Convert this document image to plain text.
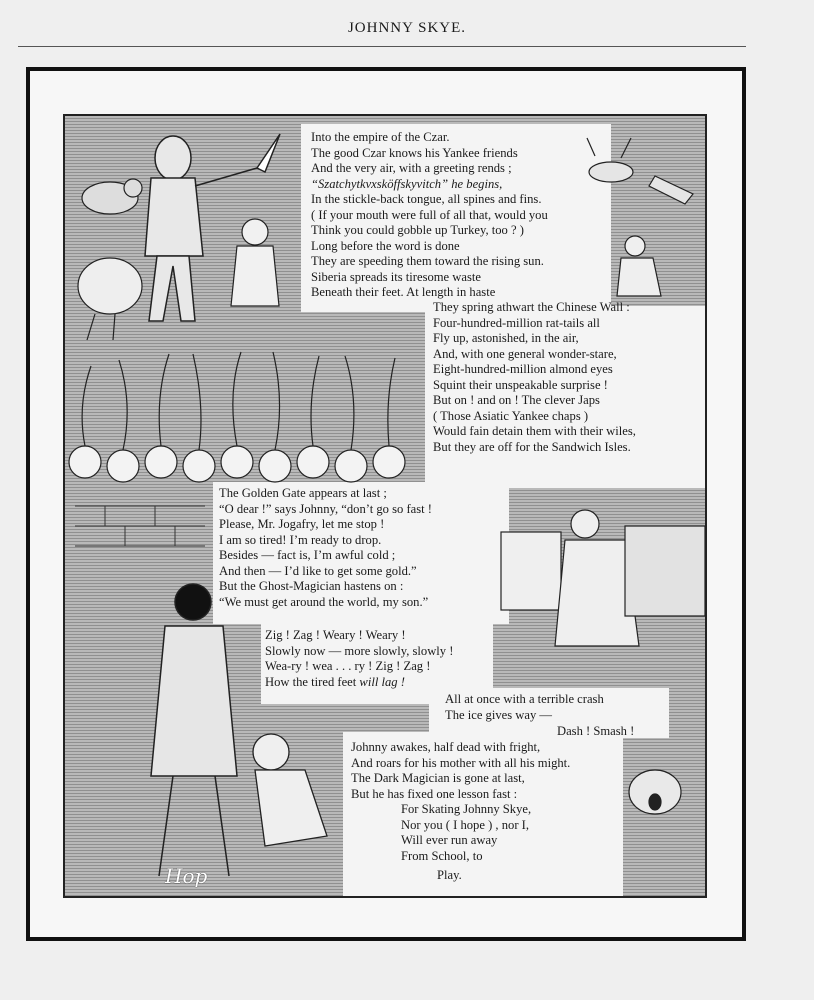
JOHNNY SKYE.
Into the empire of the Czar.
The good Czar knows his Yankee friends
And the very air, with a greeting rends ;
“Szatchytkvxsköffskyvitch” he begins,
In the stickle-back tongue, all spines and fins.
( If your mouth were full of all that, would you
Think you could gobble up Turkey, too ? )
Long before the word is done
They are speeding them toward the rising sun.
Siberia spreads its tiresome waste
Beneath their feet. At length in haste
They spring athwart the Chinese Wall :
Four-hundred-million rat-tails all
Fly up, astonished, in the air,
And, with one general wonder-stare,
Eight-hundred-million almond eyes
Squint their unspeakable surprise !
But on ! and on ! The clever Japs
( Those Asiatic Yankee chaps )
Would fain detain them with their wiles,
But they are off for the Sandwich Isles.
The Golden Gate appears at last ;
“O dear !” says Johnny, “don’t go so fast !
Please, Mr. Jogafry, let me stop !
I am so tired! I’m ready to drop.
Besides — fact is, I’m awful cold ;
And then — I’d like to get some gold.”
But the Ghost-Magician hastens on :
“We must get around the world, my son.”
Zig ! Zag ! Weary ! Weary !
Slowly now — more slowly, slowly !
Wea-ry ! wea . . . ry ! Zig ! Zag !
How the tired feet will lag !
All at once with a terrible crash
The ice gives way —
Dash ! Smash !
Johnny awakes, half dead with fright,
And roars for his mother with all his might.
The Dark Magician is gone at last,
But he has fixed one lesson fast :
For Skating Johnny Skye,
Nor you ( I hope ) , nor I,
Will ever run away
From School, to
Play.
Hop
